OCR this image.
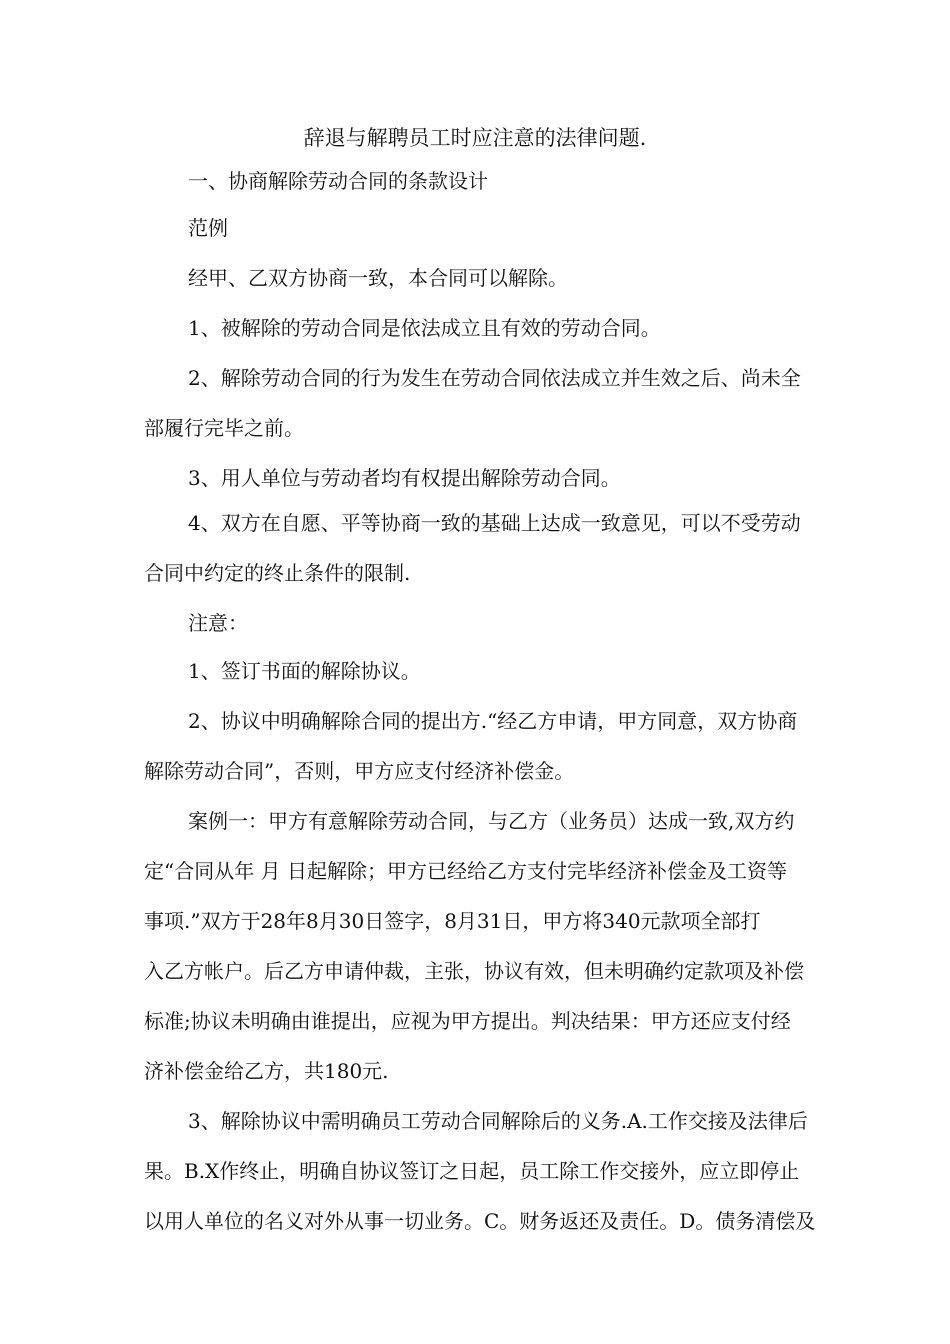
辞退与解聘员工时应注意的法律问题.
一、协商解除劳动合同的条款设计
范例
经甲、乙双方协商一致，本合同可以解除。
1、被解除的劳动合同是依法成立且有效的劳动合同。
2、解除劳动合同的行为发生在劳动合同依法成立并生效之后、尚未全
部履行完毕之前。
3、用人单位与劳动者均有权提出解除劳动合同。
4、双方在自愿、平等协商一致的基础上达成一致意见，可以不受劳动
合同中约定的终止条件的限制.
注意：
1、签订书面的解除协议。
2、协议中明确解除合同的提出方.“经乙方申请，甲方同意，双方协商
解除劳动合同”，否则，甲方应支付经济补偿金。
案例一：甲方有意解除劳动合同，与乙方（业务员）达成一致,双方约
定“合同从年 月 日起解除；甲方已经给乙方支付完毕经济补偿金及工资等
事项.”双方于28年8月30日签字，8月31日，甲方将340元款项全部打
入乙方帐户。后乙方申请仲裁，主张，协议有效，但未明确约定款项及补偿
标准;协议未明确由谁提出，应视为甲方提出。判决结果：甲方还应支付经
济补偿金给乙方，共180元.
3、解除协议中需明确员工劳动合同解除后的义务.A.工作交接及法律后
果。B.X作终止，明确自协议签订之日起，员工除工作交接外，应立即停止
以用人单位的名义对外从事一切业务。C。财务返还及责任。D。债务清偿及
